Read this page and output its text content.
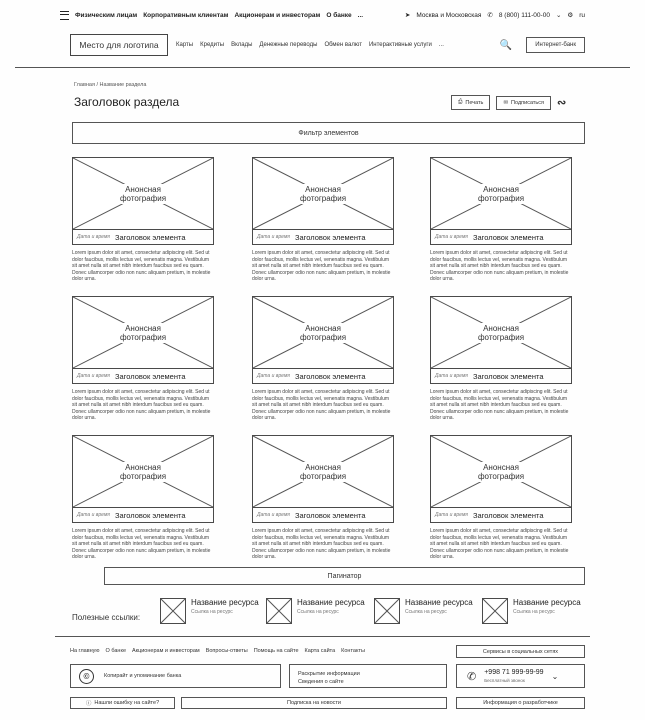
Физическим лицам Корпоративным клиентам Акционерам и инвесторам О банке ...	➤ Москва и Московская ✆ 8 (800) 111-00-00 ⌄ ⚙ ru
Место для логотипа	Карты Кредиты Вклады Денежные переводы Обмен валют Интерактивные услуги ...	🔍	Интернет-банк
Главная / Название раздела
Заголовок раздела	⎙ Печать	✉ Подписаться ∾
Фильтр элементов
Анонсная
фотография
Дата и время Заголовок элемента
Lorem ipsum dolor sit amet, consectetur adipiscing elit. Sed ut dolor faucibus, mollis lectus vel, venenatis magna. Vestibulum sit amet nulla sit amet nibh interdum faucibus sed eu quam. Donec ullamcorper odio non nunc aliquam pretium, in molestie dolor urna.
Анонсная
фотография
Дата и время Заголовок элемента
Lorem ipsum dolor sit amet, consectetur adipiscing elit. Sed ut dolor faucibus, mollis lectus vel, venenatis magna. Vestibulum sit amet nulla sit amet nibh interdum faucibus sed eu quam. Donec ullamcorper odio non nunc aliquam pretium, in molestie dolor urna.
Анонсная
фотография
Дата и время Заголовок элемента
Lorem ipsum dolor sit amet, consectetur adipiscing elit. Sed ut dolor faucibus, mollis lectus vel, venenatis magna. Vestibulum sit amet nulla sit amet nibh interdum faucibus sed eu quam. Donec ullamcorper odio non nunc aliquam pretium, in molestie dolor urna.
Анонсная
фотография
Дата и время Заголовок элемента
Lorem ipsum dolor sit amet, consectetur adipiscing elit. Sed ut dolor faucibus, mollis lectus vel, venenatis magna. Vestibulum sit amet nulla sit amet nibh interdum faucibus sed eu quam. Donec ullamcorper odio non nunc aliquam pretium, in molestie dolor urna.
Анонсная
фотография
Дата и время Заголовок элемента
Lorem ipsum dolor sit amet, consectetur adipiscing elit. Sed ut dolor faucibus, mollis lectus vel, venenatis magna. Vestibulum sit amet nulla sit amet nibh interdum faucibus sed eu quam. Donec ullamcorper odio non nunc aliquam pretium, in molestie dolor urna.
Анонсная
фотография
Дата и время Заголовок элемента
Lorem ipsum dolor sit amet, consectetur adipiscing elit. Sed ut dolor faucibus, mollis lectus vel, venenatis magna. Vestibulum sit amet nulla sit amet nibh interdum faucibus sed eu quam. Donec ullamcorper odio non nunc aliquam pretium, in molestie dolor urna.
Анонсная
фотография
Дата и время Заголовок элемента
Lorem ipsum dolor sit amet, consectetur adipiscing elit. Sed ut dolor faucibus, mollis lectus vel, venenatis magna. Vestibulum sit amet nulla sit amet nibh interdum faucibus sed eu quam. Donec ullamcorper odio non nunc aliquam pretium, in molestie dolor urna.
Анонсная
фотография
Дата и время Заголовок элемента
Lorem ipsum dolor sit amet, consectetur adipiscing elit. Sed ut dolor faucibus, mollis lectus vel, venenatis magna. Vestibulum sit amet nulla sit amet nibh interdum faucibus sed eu quam. Donec ullamcorper odio non nunc aliquam pretium, in molestie dolor urna.
Анонсная
фотография
Дата и время Заголовок элемента
Lorem ipsum dolor sit amet, consectetur adipiscing elit. Sed ut dolor faucibus, mollis lectus vel, venenatis magna. Vestibulum sit amet nulla sit amet nibh interdum faucibus sed eu quam. Donec ullamcorper odio non nunc aliquam pretium, in molestie dolor urna.
Пагинатор
Полезные ссылки:
Название ресурса
Ссылка на ресурс
Название ресурса
Ссылка на ресурс
Название ресурса
Ссылка на ресурс
Название ресурса
Ссылка на ресурс
На главную О банке Акционерам и инвесторам Вопросы-ответы Помощь на сайте Карта сайта Контакты	Сервисы в социальных сетях
©	Копирайт и упоминание банка	Раскрытие информации
Сведения о сайте	✆ +998 71 999-99-99
Бесплатный звонок	⌄
ⓘ Нашли ошибку на сайте?	Подписка на новости	Информация о разработчике
